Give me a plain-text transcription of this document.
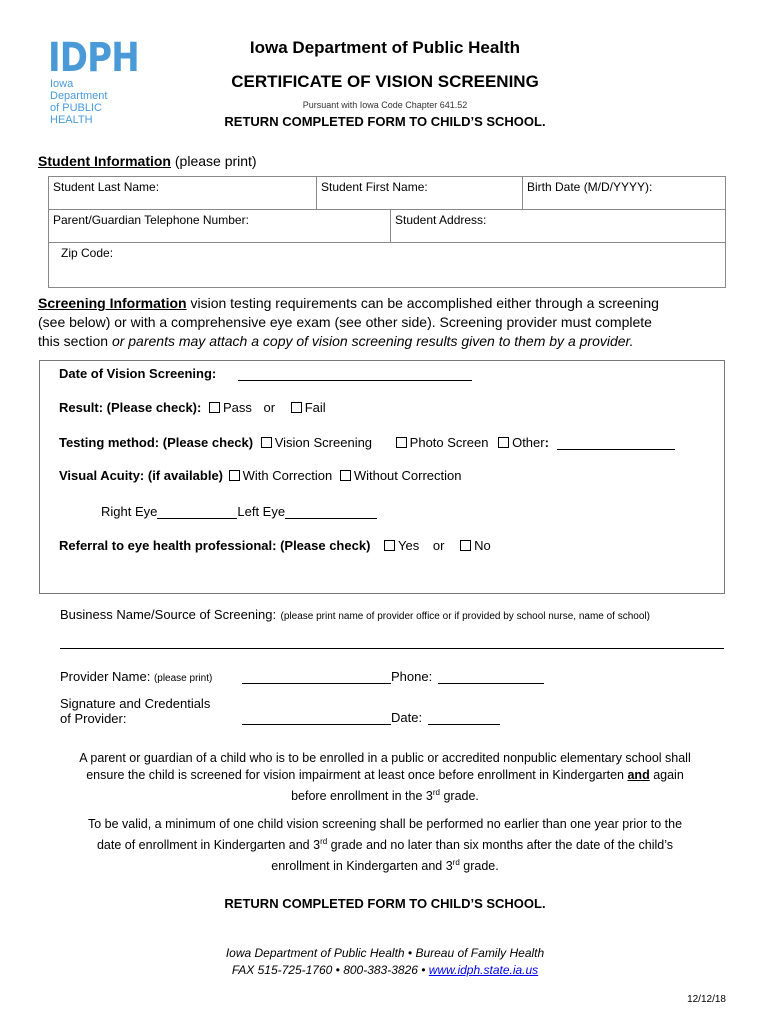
IDPH
Iowa Department
of PUBLIC HEALTH
Iowa Department of Public Health
CERTIFICATE OF VISION SCREENING
Pursuant with Iowa Code Chapter 641.52
RETURN COMPLETED FORM TO CHILD’S SCHOOL.
Student Information (please print)
Student Last Name:	Student First Name:	Birth Date (M/D/YYYY):
Parent/Guardian Telephone Number:	Student Address:
Zip Code:
Screening Information vision testing requirements can be accomplished either through a screening
(see below) or with a comprehensive eye exam (see other side). Screening provider must complete
this section or parents may attach a copy of vision screening results given to them by a provider.
Date of Vision Screening:
Result: (Please check): Pass or Fail
Testing method: (Please check) Vision Screening	Photo Screen Other:
Visual Acuity: (if available) With Correction Without Correction
Right Eye	Left Eye
Referral to eye health professional: (Please check) Yes or No
Business Name/Source of Screening: (please print name of provider office or if provided by school nurse, name of school)
Provider Name: (please print)	Phone:
Signature and Credentials
of Provider:	Date:
A parent or guardian of a child who is to be enrolled in a public or accredited nonpublic elementary school shall
ensure the child is screened for vision impairment at least once before enrollment in Kindergarten and again
before enrollment in the 3rd grade.
To be valid, a minimum of one child vision screening shall be performed no earlier than one year prior to the
date of enrollment in Kindergarten and 3rd grade and no later than six months after the date of the child’s
enrollment in Kindergarten and 3rd grade.
RETURN COMPLETED FORM TO CHILD’S SCHOOL.
Iowa Department of Public Health • Bureau of Family Health
FAX 515-725-1760 • 800-383-3826 • www.idph.state.ia.us
12/12/18
